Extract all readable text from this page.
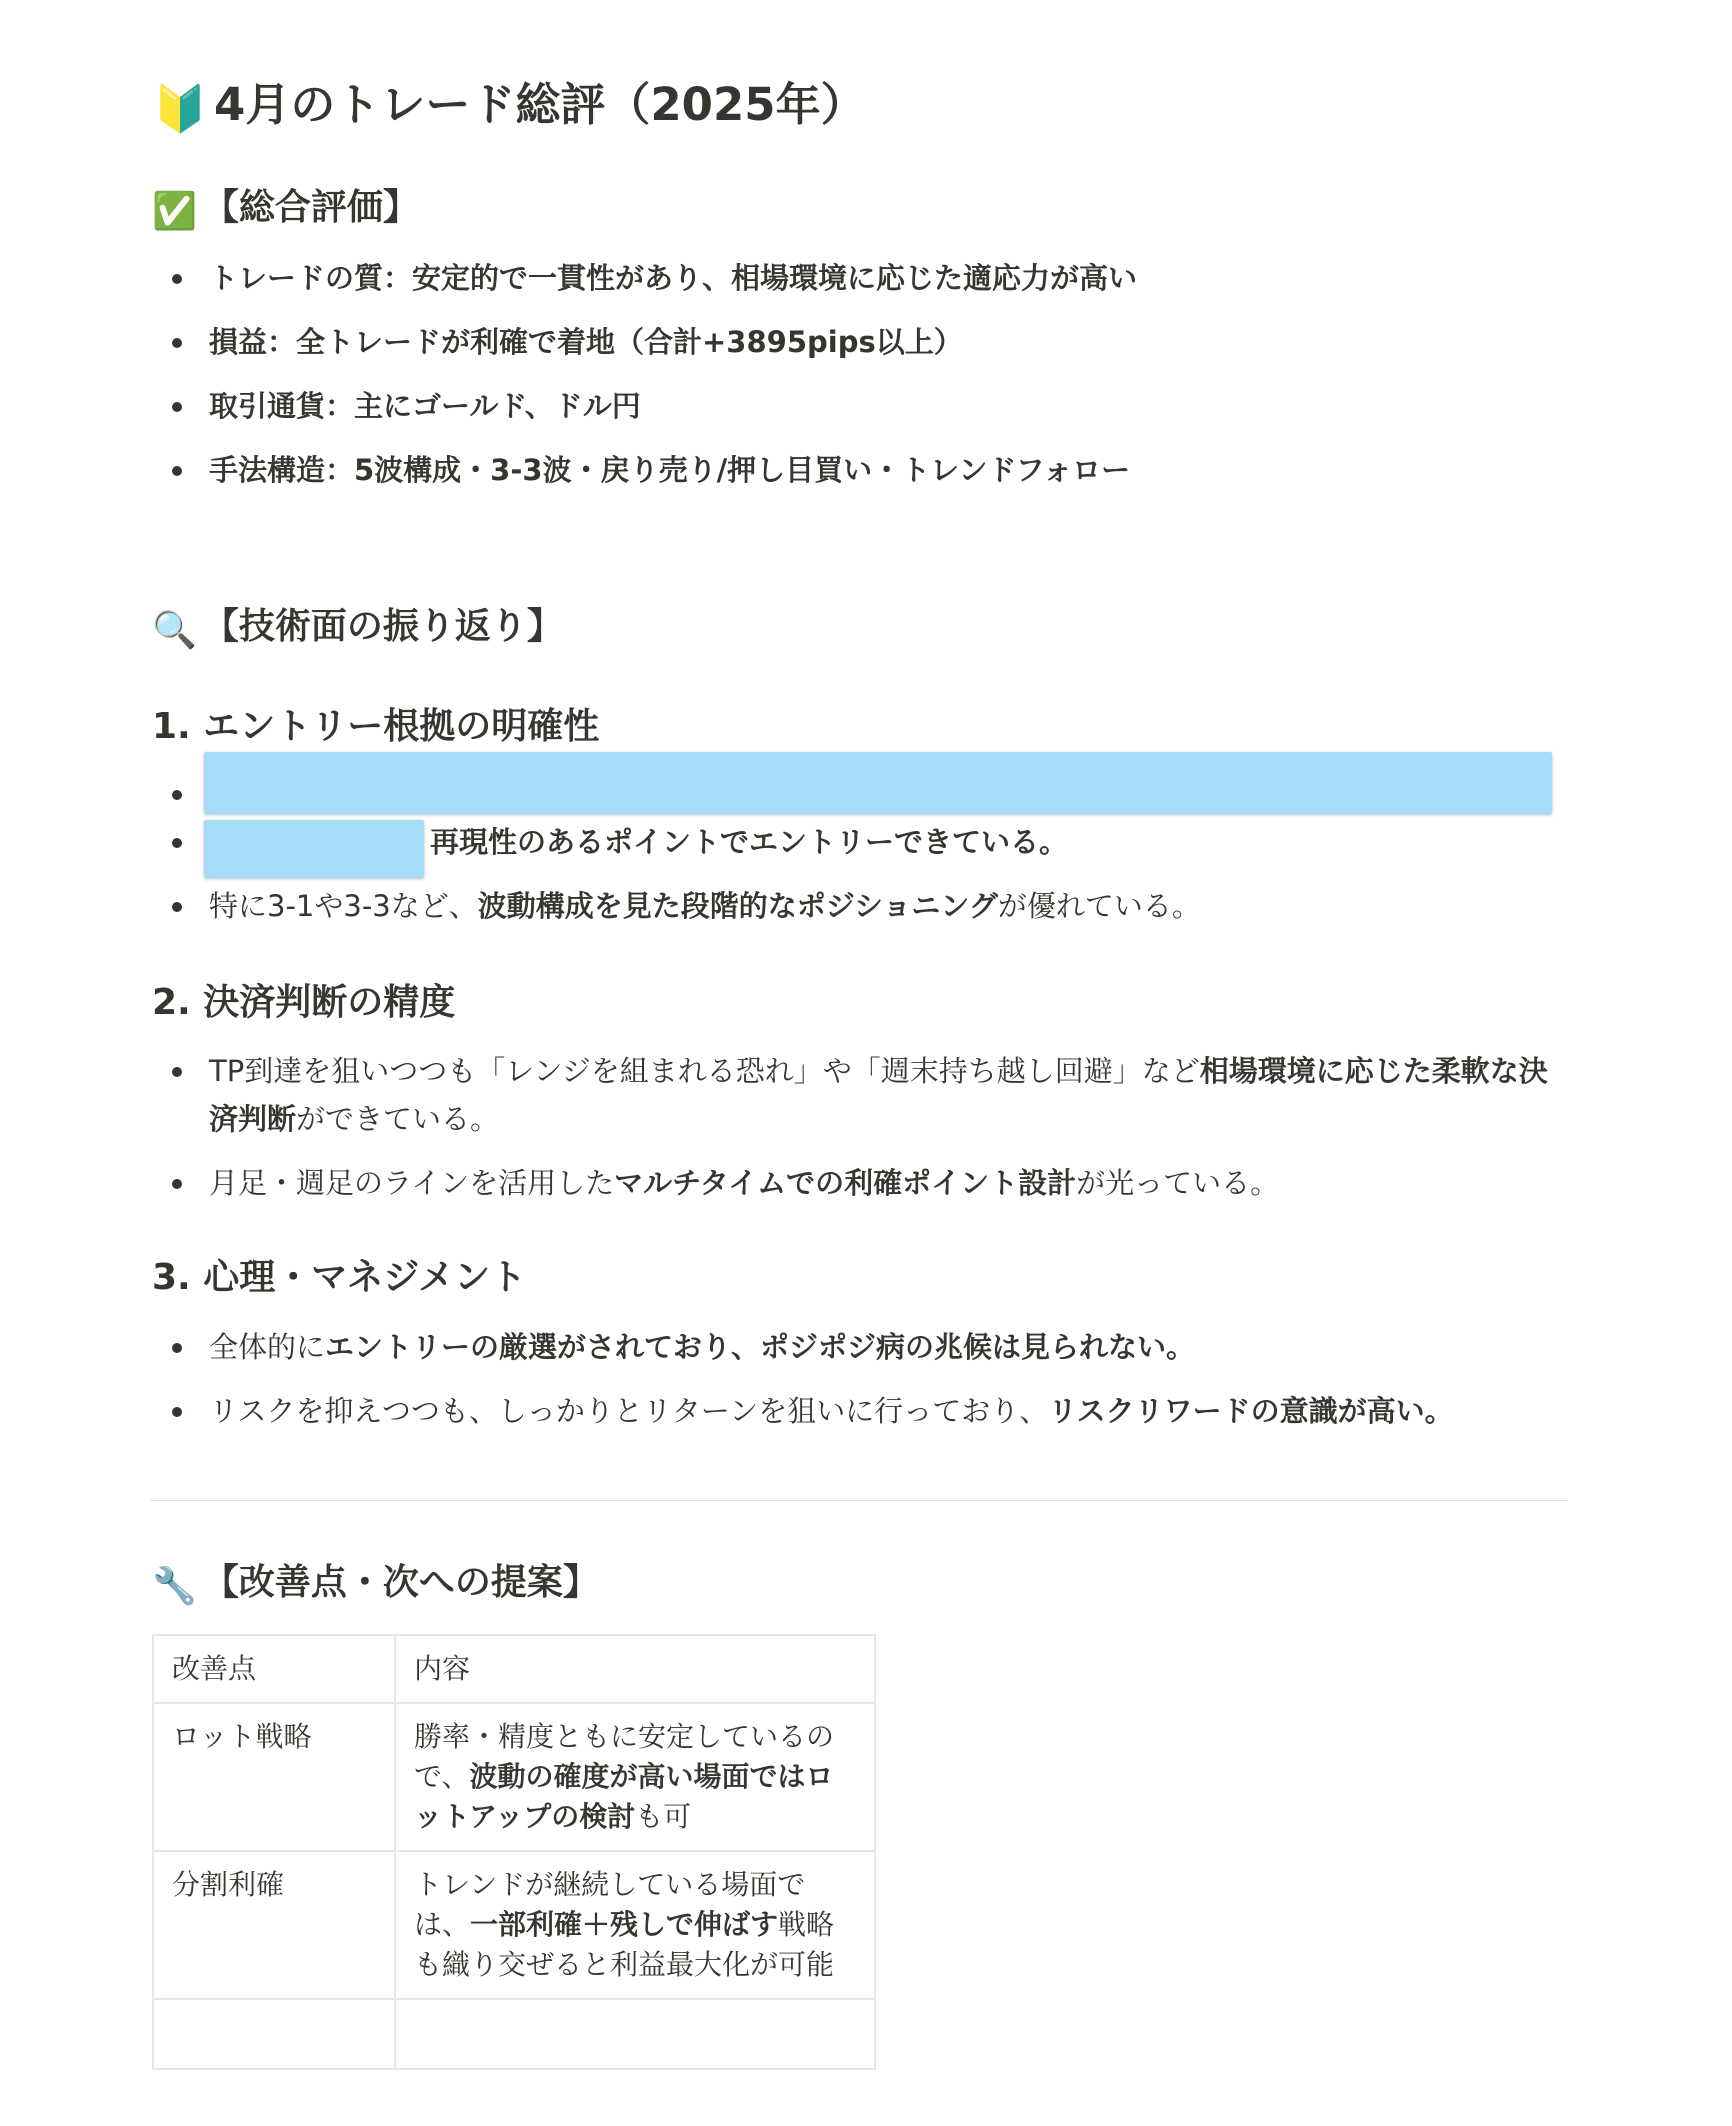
🔰 4月のトレード総評（2025年）
✅ 【総合評価】
トレードの質：安定的で一貫性があり、相場環境に応じた適応力が高い
損益：全トレードが利確で着地（合計+3895pips以上）
取引通貨：主にゴールド、ドル円
手法構造：5波構成・3-3波・戻り売り/押し目買い・トレンドフォロー
🔍 【技術面の振り返り】
1. エントリー根拠の明確性
再現性のあるポイントでエントリーできている。
特に3-1や3-3など、波動構成を見た段階的なポジショニングが優れている。
2. 決済判断の精度
TP到達を狙いつつも「レンジを組まれる恐れ」や「週末持ち越し回避」など相場環境に応じた柔軟な決済判断ができている。
月足・週足のラインを活用したマルチタイムでの利確ポイント設計が光っている。
3. 心理・マネジメント
全体的にエントリーの厳選がされており、ポジポジ病の兆候は見られない。
リスクを抑えつつも、しっかりとリターンを狙いに行っており、リスクリワードの意識が高い。
🔧 【改善点・次への提案】
改善点	内容
ロット戦略	勝率・精度ともに安定しているので、波動の確度が高い場面ではロットアップの検討も可
分割利確	トレンドが継続している場面では、一部利確＋残しで伸ばす戦略も織り交ぜると利益最大化が可能
